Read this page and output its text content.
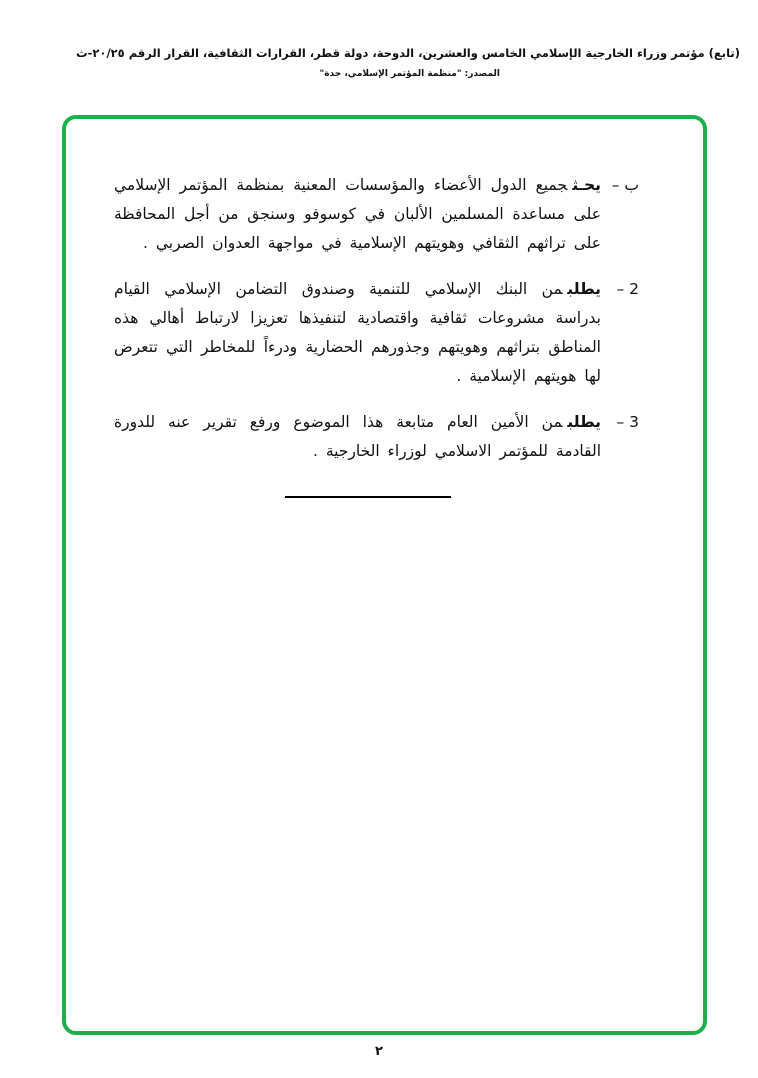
(تابع) مؤتمر وزراء الخارجية الإسلامي الخامس والعشرين، الدوحة، دولة قطر، القرارات الثقافية، القرار الرقم ٢٠/٢٥-ث
المصدر: "منظمة المؤتمر الإسلامي، جدة"
ب –

يحـثجميع الدول الأعضاء والمؤسسات المعنية بمنظمة المؤتمر الإسلامي على مساعدة المسلمين الألبان في كوسوفو وسنجق من أجل المحافظة على تراثهم الثقافي وهويتهم الإسلامية في مواجهة العدوان الصربي .

2 –

يطلبمن البنك الإسلامي للتنمية وصندوق التضامن الإسلامي القيام بدراسة مشروعات ثقافية واقتصادية لتنفيذها تعزيزا لارتباط أهالي هذه المناطق بتراثهم وهويتهم وجذورهم الحضارية ودرءاً للمخاطر التي تتعرض لها هويتهم الإسلامية .

3 –

يطلبمن الأمين العام متابعة هذا الموضوع ورفع تقرير عنه للدورة القادمة للمؤتمر الاسلامي لوزراء الخارجية .

٢
